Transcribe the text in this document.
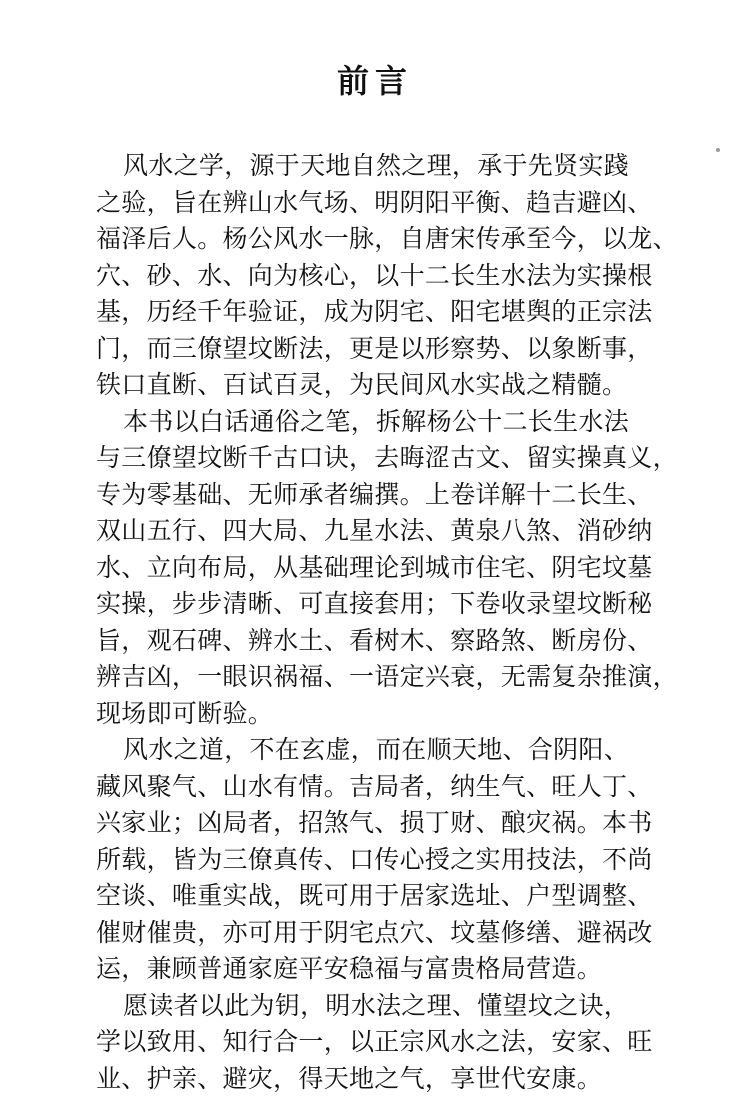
前言
风水之学，源于天地自然之理，承于先贤实踐
之验，旨在辨山水气场、明阴阳平衡、趋吉避凶、
福泽后人。杨公风水一脉，自唐宋传承至今，以龙、
穴、砂、水、向为核心，以十二长生水法为实操根
基，历经千年验证，成为阴宅、阳宅堪舆的正宗法
门，而三僚望坟断法，更是以形察势、以象断事，
铁口直断、百试百灵，为民间风水实战之精髓。
本书以白话通俗之笔，拆解杨公十二长生水法
与三僚望坟断千古口诀，去晦涩古文、留实操真义，
专为零基础、无师承者编撰。上卷详解十二长生、
双山五行、四大局、九星水法、黄泉八煞、消砂纳
水、立向布局，从基础理论到城市住宅、阴宅坟墓
实操，步步清晰、可直接套用；下卷收录望坟断秘
旨，观石碑、辨水土、看树木、察路煞、断房份、
辨吉凶，一眼识祸福、一语定兴衰，无需复杂推演，
现场即可断验。
风水之道，不在玄虚，而在顺天地、合阴阳、
藏风聚气、山水有情。吉局者，纳生气、旺人丁、
兴家业；凶局者，招煞气、损丁财、酿灾祸。本书
所载，皆为三僚真传、口传心授之实用技法，不尚
空谈、唯重实战，既可用于居家选址、户型调整、
催财催贵，亦可用于阴宅点穴、坟墓修缮、避祸改
运，兼顾普通家庭平安稳福与富贵格局营造。
愿读者以此为钥，明水法之理、懂望坟之诀，
学以致用、知行合一，以正宗风水之法，安家、旺
业、护亲、避灾，得天地之气，享世代安康。
